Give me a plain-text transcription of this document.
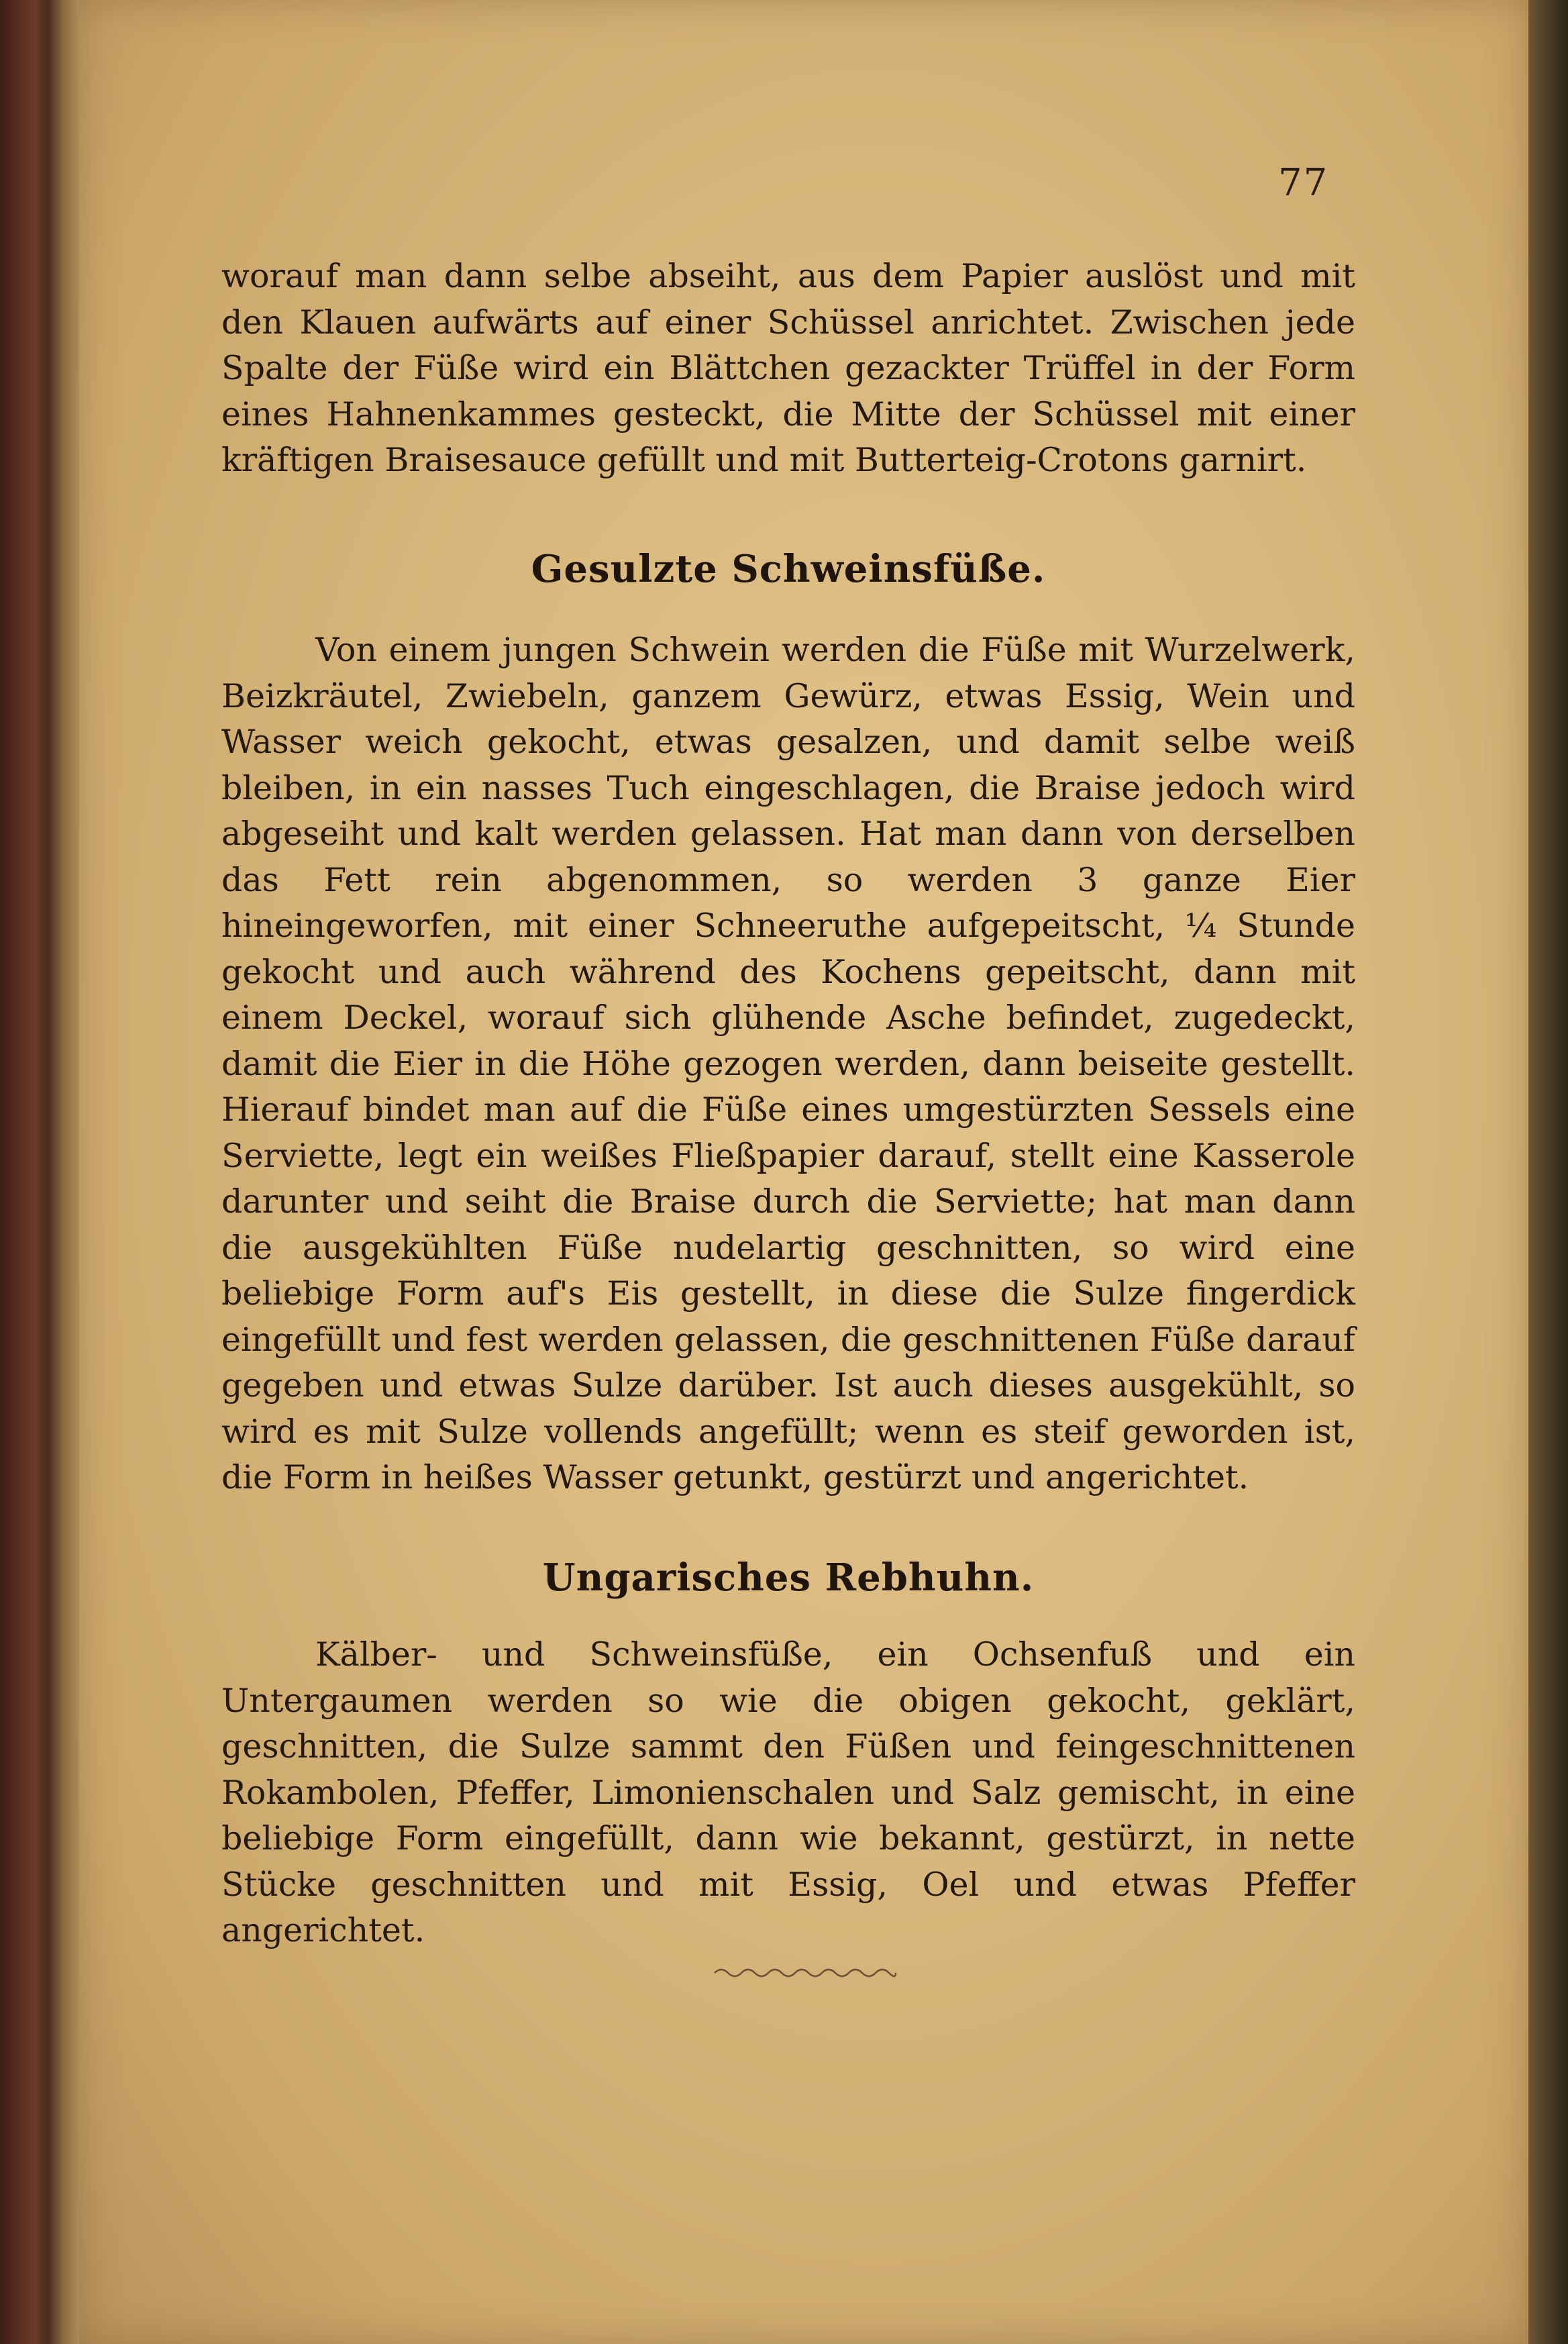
77

worauf man dann selbe abseiht, aus dem Papier auslöst und mit den Klauen aufwärts auf einer Schüssel anrichtet. Zwischen jede Spalte der Füße wird ein Blättchen gezackter Trüffel in der Form eines Hahnenkammes gesteckt, die Mitte der Schüssel mit einer kräftigen Braisesauce gefüllt und mit Butterteig-Crotons garnirt.

Gesulzte Schweinsfüße.

Von einem jungen Schwein werden die Füße mit Wurzelwerk, Beizkräutel, Zwiebeln, ganzem Gewürz, etwas Essig, Wein und Wasser weich gekocht, etwas gesalzen, und damit selbe weiß bleiben, in ein nasses Tuch eingeschlagen, die Braise jedoch wird abgeseiht und kalt werden gelassen. Hat man dann von derselben das Fett rein abgenommen, so werden 3 ganze Eier hineingeworfen, mit einer Schneeruthe aufgepeitscht, ¼ Stunde gekocht und auch während des Kochens gepeitscht, dann mit einem Deckel, worauf sich glühende Asche befindet, zugedeckt, damit die Eier in die Höhe gezogen werden, dann beiseite gestellt. Hierauf bindet man auf die Füße eines umgestürzten Sessels eine Serviette, legt ein weißes Fließpapier darauf, stellt eine Kasserole darunter und seiht die Braise durch die Serviette; hat man dann die ausgekühlten Füße nudelartig geschnitten, so wird eine beliebige Form auf's Eis gestellt, in diese die Sulze fingerdick eingefüllt und fest werden gelassen, die geschnittenen Füße darauf gegeben und etwas Sulze darüber. Ist auch dieses ausgekühlt, so wird es mit Sulze vollends angefüllt; wenn es steif geworden ist, die Form in heißes Wasser getunkt, gestürzt und angerichtet.

Ungarisches Rebhuhn.

Kälber- und Schweinsfüße, ein Ochsenfuß und ein Untergaumen werden so wie die obigen gekocht, geklärt, geschnitten, die Sulze sammt den Füßen und feingeschnittenen Rokambolen, Pfeffer, Limonienschalen und Salz gemischt, in eine beliebige Form eingefüllt, dann wie bekannt, gestürzt, in nette Stücke geschnitten und mit Essig, Oel und etwas Pfeffer angerichtet.
